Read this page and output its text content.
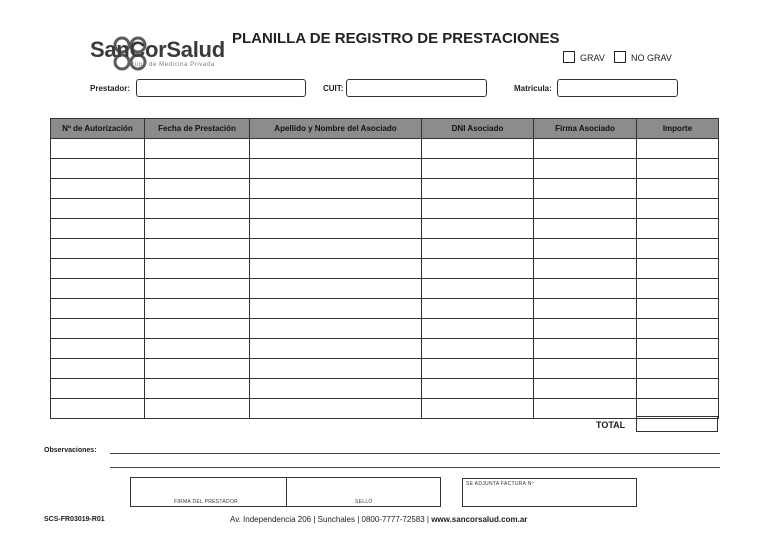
SanCorSalud
Grupo de Medicina Privada
PLANILLA DE REGISTRO DE PRESTACIONES
GRAV	NO GRAV
Prestador:	CUIT:	Matrícula:
Nº de Autorización	Fecha de Prestación	Apellido y Nombre del Asociado	DNI Asociado	Firma Asociado	Importe

TOTAL
Observaciones:
FIRMA DEL PRESTADOR	SELLO
SE ADJUNTA FACTURA Nº
SCS-FR03019-R01	Av. Independencia 206 | Sunchales | 0800-7777-72583 | www.sancorsalud.com.ar
